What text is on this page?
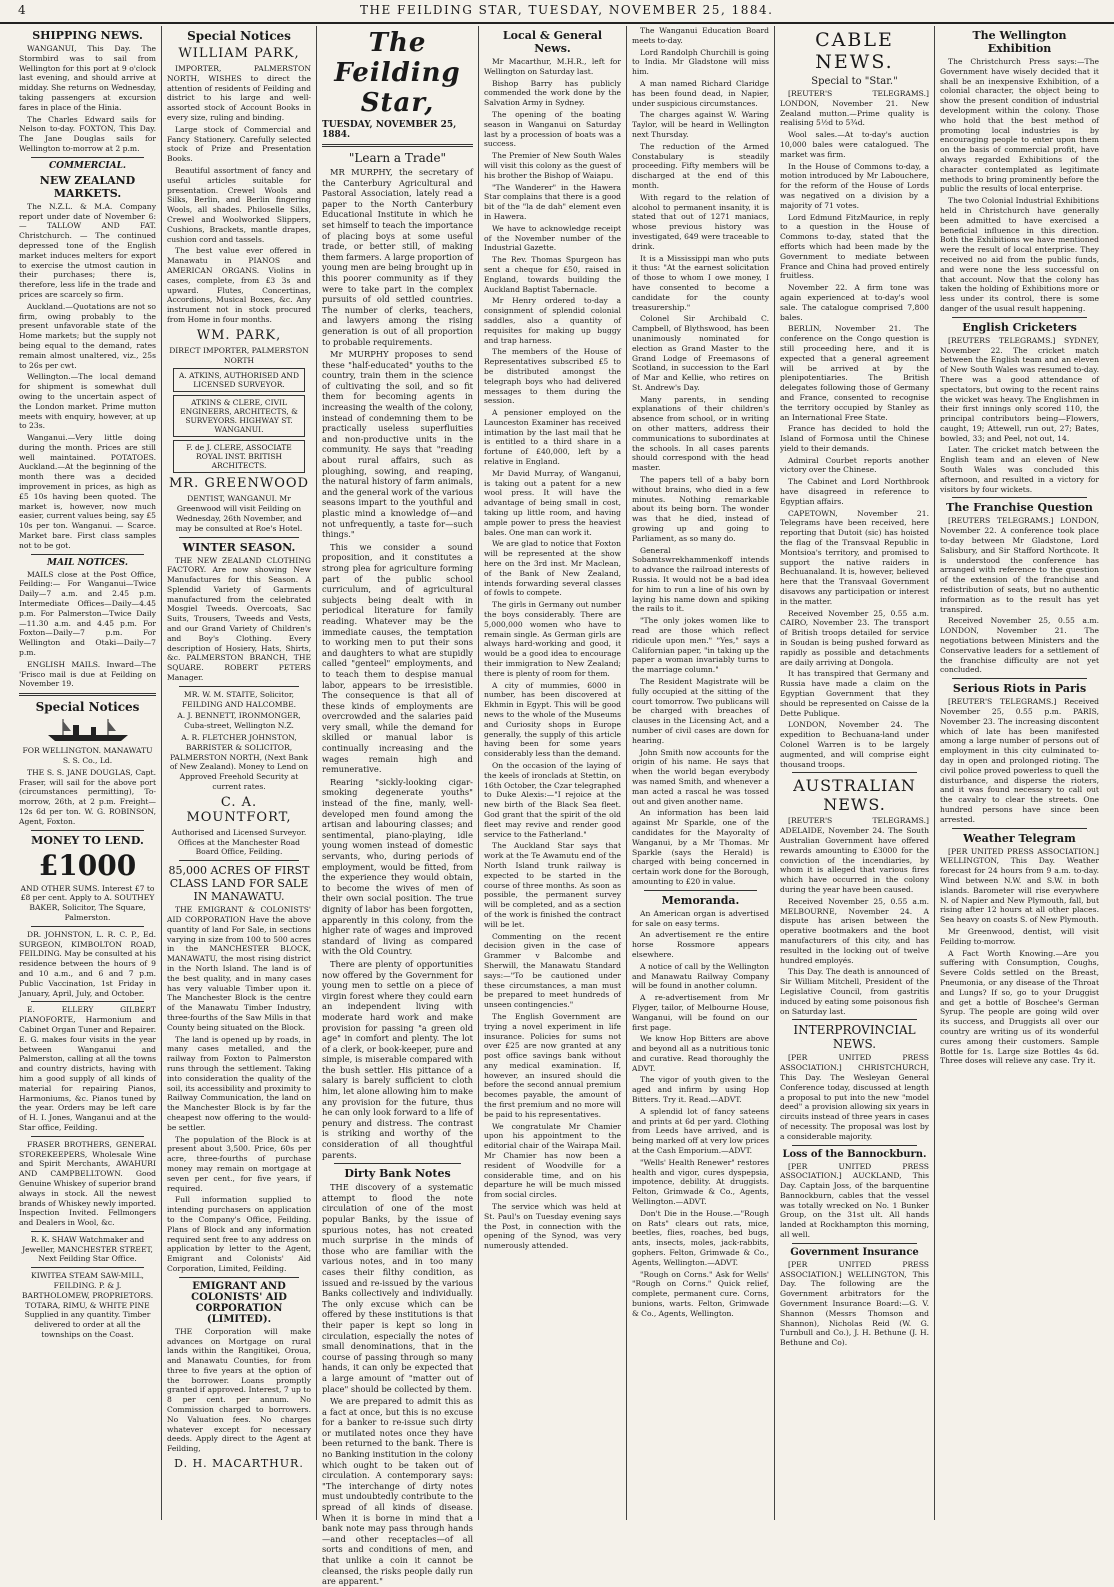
4	THE FEILDING STAR, TUESDAY, NOVEMBER 25, 1884.
SHIPPING NEWS.

WANGANUI, This Day. The Stormbird was to sail from Wellington for this port at 9 o'clock last evening, and should arrive at midday. She returns on Wednesday, taking passengers at excursion fares in place of the Hinia.

The Charles Edward sails for Nelson to-day. FOXTON, This Day. The Jane Douglas sails for Wellington to-morrow at 2 p.m.

COMMERCIAL.
NEW ZEALAND MARKETS.

The N.Z.L. & M.A. Company report under date of November 6:— TALLOW AND FAT. Christchurch. — The continued depressed tone of the English market induces melters for export to exercise the utmost caution in their purchases; there is, therefore, less life in the trade and prices are scarcely so firm.

Auckland.—Quotations are not so firm, owing probably to the present unfavorable state of the Home markets; but the supply not being equal to the demand, rates remain almost unaltered, viz., 25s to 26s per cwt.

Wellington.—The local demand for shipment is somewhat dull owing to the uncertain aspect of the London market. Prime mutton meets with enquiry, however, at up to 23s.

Wanganui.—Very little doing during the month. Prices are still well maintained. POTATOES. Auckland.—At the beginning of the month there was a decided improvement in prices, as high as £5 10s having been quoted. The market is, however, now much easier, current values being, say £5 10s per ton. Wanganui. — Scarce. Market bare. First class samples not to be got.

MAIL NOTICES.

MAILS close at the Post Office, Feilding:— For Wanganui—Twice Daily—7 a.m. and 2.45 p.m. Intermediate Offices—Daily—4.45 p.m. For Palmerston—Twice Daily—11.30 a.m. and 4.45 p.m. For Foxton—Daily—7 p.m. For Wellington and Otaki—Daily—7 p.m.

ENGLISH MAILS. Inward—The 'Frisco mail is due at Feilding on November 19.

Special Notices

FOR WELLINGTON. MANAWATU S. S. Co., Ld.

THE S. S. JANE DOUGLAS, Capt. Fraser, will sail for the above port (circumstances permitting), To-morrow, 26th, at 2 p.m. Freight—12s 6d per ton. W. G. ROBINSON, Agent, Foxton.

MONEY TO LEND.
£1000

AND OTHER SUMS. Interest £7 to £8 per cent. Apply to A. SOUTHEY BAKER, Solicitor, The Square, Palmerston.

DR. JOHNSTON, L. R. C. P., Ed. SURGEON, KIMBOLTON ROAD, FEILDING. May be consulted at his residence between the hours of 9 and 10 a.m., and 6 and 7 p.m. Public Vaccination, 1st Friday in January, April, July, and October.

E. ELLERY GILBERT PIANOFORTE, Harmonium and Cabinet Organ Tuner and Repairer. E. G. makes four visits in the year between Wanganui and Palmerston, calling at all the towns and country districts, having with him a good supply of all kinds of material for repairing Pianos, Harmoniums, &c. Pianos tuned by the year. Orders may be left care of H. I. Jones, Wanganui and at the Star office, Feilding.

FRASER BROTHERS, GENERAL STOREKEEPERS, Wholesale Wine and Spirit Merchants, AWAHURI AND CAMPBELLTOWN. Good Genuine Whiskey of superior brand always in stock. All the newest brands of Whiskey newly imported. Inspection Invited. Fellmongers and Dealers in Wool, &c.

R. K. SHAW Watchmaker and Jeweller, MANCHESTER STREET, Next Feilding Star Office.

KIWITEA STEAM SAW-MILL, FEILDING. P. & J. BARTHOLOMEW, PROPRIETORS. TOTARA, RIMU, & WHITE PINE Supplied in any quantity. Timber delivered to order at all the townships on the Coast.

Special Notices
WILLIAM PARK,

IMPORTER, PALMERSTON NORTH, WISHES to direct the attention of residents of Feilding and district to his large and well-assorted stock of Account Books in every size, ruling and binding.

Large stock of Commercial and Fancy Stationery. Carefully selected stock of Prize and Presentation Books.

Beautiful assortment of fancy and useful articles suitable for presentation. Crewel Wools and Silks, Berlin, and Berlin fingering Wools, all shades. Philoselle Silks, Crewel and Woolworked Slippers, Cushions, Brackets, mantle drapes, cushion cord and tassels.

The best value ever offered in Manawatu in PIANOS and AMERICAN ORGANS. Violins in cases, complete, from £3 3s and upward. Flutes, Concertinas, Accordions, Musical Boxes, &c. Any instrument not in stock procured from Home in four months.

WM. PARK,

DIRECT IMPORTER, PALMERSTON NORTH

A. ATKINS, AUTHORISED AND LICENSED SURVEYOR.
ATKINS & CLERE, CIVIL ENGINEERS, ARCHITECTS, & SURVEYORS. HIGHWAY ST. WANGANUI.
F. de J. CLERE, ASSOCIATE ROYAL INST. BRITISH ARCHITECTS.
MR. GREENWOOD

DENTIST, WANGANUI. Mr Greenwood will visit Feilding on Wednesday, 26th November, and may be consulted at Roe's Hotel.

WINTER SEASON.

THE NEW ZEALAND CLOTHING FACTORY. Are now showing New Manufactures for this Season. A Splendid Variety of Garments manufactured from the celebrated Mosgiel Tweeds. Overcoats, Sac Suits, Trousers, Tweeds and Vests, and our Grand Variety of Children's and Boy's Clothing. Every description of Hosiery, Hats, Shirts, &c. PALMERSTON BRANCH, THE SQUARE. ROBERT PETERS Manager.

MR. W. M. STAITE, Solicitor, FEILDING AND HALCOMBE.

A. J. BENNETT, IRONMONGER, Cuba-street, Wellington N.Z.

A. R. FLETCHER JOHNSTON, BARRISTER & SOLICITOR, PALMERSTON NORTH, (Next Bank of New Zealand). Money to Lend on Approved Freehold Security at current rates.

C. A. MOUNTFORT,

Authorised and Licensed Surveyor. Offices at the Manchester Road Board Office, Feilding.

85,000 ACRES OF FIRST CLASS LAND FOR SALE IN MANAWATU.

THE EMIGRANT & COLONISTS' AID CORPORATION Have the above quantity of land For Sale, in sections varying in size from 100 to 500 acres in the MANCHESTER BLOCK, MANAWATU, the most rising district in the North Island. The land is of the best quality, and in many cases has very valuable Timber upon it. The Manchester Block is the centre of the Manawatu Timber Industry, three-fourths of the Saw Mills in that County being situated on the Block.

The land is opened up by roads, in many cases metalled, and the railway from Foxton to Palmerston runs through the settlement. Taking into consideration the quality of the soil, its accessibility and proximity to Railway Communication, the land on the Manchester Block is by far the cheapest now offering to the would-be settler.

The population of the Block is at present about 3,500. Price, 60s per acre, three-fourths of purchase money may remain on mortgage at seven per cent., for five years, if required.

Full information supplied to intending purchasers on application to the Company's Office, Feilding. Plans of Block and any information required sent free to any address on application by letter to the Agent, Emigrant and Colonists' Aid Corporation, Limited, Feilding.

EMIGRANT AND COLONISTS' AID CORPORATION (LIMITED).

THE Corporation will make advances on Mortgage on rural lands within the Rangitikei, Oroua, and Manawatu Counties, for from three to five years at the option of the borrower. Loans promptly granted if approved. Interest, 7 up to 8 per cent. per annum. No Commission charged to borrowers. No Valuation fees. No charges whatever except for necessary deeds. Apply direct to the Agent at Feilding,

D. H. MACARTHUR.
The Feilding Star,
TUESDAY, NOVEMBER 25, 1884.
"Learn a Trade"

MR MURPHY, the secretary of the Canterbury Agricultural and Pastoral Association, lately read a paper to the North Canterbury Educational Institute in which he set himself to teach the importance of placing boys at some useful trade, or better still, of making them farmers. A large proportion of young men are being brought up in this poorer community as if they were to take part in the complex pursuits of old settled countries. The number of clerks, teachers, and lawyers among the rising generation is out of all proportion to probable requirements.

Mr MURPHY proposes to send these "half-educated" youths to the country, train them in the science of cultivating the soil, and so fit them for becoming agents in increasing the wealth of the colony, instead of condemning them to be practically useless superfluities and non-productive units in the community. He says that "reading about rural affairs, such as ploughing, sowing, and reaping, the natural history of farm animals, and the general work of the various seasons impart to the youthful and plastic mind a knowledge of—and not unfrequently, a taste for—such things."

This we consider a sound proposition, and it constitutes a strong plea for agriculture forming part of the public school curriculum, and of agricultural subjects being dealt with in periodical literature for family reading. Whatever may be the immediate causes, the temptation to working men to put their sons and daughters to what are stupidly called "genteel" employments, and to teach them to despise manual labor, appears to be irresistible. The consequence is that all of these kinds of employments are overcrowded and the salaries paid very small, while the demand for skilled or manual labor is continually increasing and the wages remain high and remunerative.

Rearing "sickly-looking cigar-smoking degenerate youths" instead of the fine, manly, well-developed men found among the artisan and labouring classes; and sentimental, piano-playing, idle young women instead of domestic servants, who, during periods of employment, would be fitted, from the experience they would obtain, to become the wives of men of their own social position. The true dignity of labor has been forgotten, apparently in this colony, from the higher rate of wages and improved standard of living as compared with the Old Country.

There are plenty of opportunities now offered by the Government for young men to settle on a piece of virgin forest where they could earn an independent living with moderate hard work and make provision for passing "a green old age" in comfort and plenty. The lot of a clerk, or book-keeper, pure and simple, is miserable compared with the bush settler. His pittance of a salary is barely sufficient to cloth him, let alone allowing him to make any provision for the future, thus he can only look forward to a life of penury and distress. The contrast is striking and worthy of the consideration of all thoughtful parents.

Dirty Bank Notes

THE discovery of a systematic attempt to flood the note circulation of one of the most popular Banks, by the issue of spurious notes, has not created much surprise in the minds of those who are familiar with the various notes, and in too many cases their filthy condition, as issued and re-issued by the various Banks collectively and individually. The only excuse which can be offered by these institutions is that their paper is kept so long in circulation, especially the notes of small denominations, that in the course of passing through so many hands, it can only be expected that a large amount of "matter out of place" should be collected by them.

We are prepared to admit this as a fact at once, but this is no excuse for a banker to re-issue such dirty or mutilated notes once they have been returned to the bank. There is no Banking institution in the colony which ought to be taken out of circulation. A contemporary says: "The interchange of dirty notes must undoubtedly contribute to the spread of all kinds of disease. When it is borne in mind that a bank note may pass through hands—and other receptacles—of all sorts and conditions of men, and that unlike a coin it cannot be cleansed, the risks people daily run are apparent."

Local & General News.

Mr Macarthur, M.H.R., left for Wellington on Saturday last.

Bishop Barry has publicly commended the work done by the Salvation Army in Sydney.

The opening of the boating season in Wanganui on Saturday last by a procession of boats was a success.

The Premier of New South Wales will visit this colony as the guest of his brother the Bishop of Waiapu.

"The Wanderer" in the Hawera Star complains that there is a good bit of the "la de dah" element even in Hawera.

We have to acknowledge receipt of the November number of the Industrial Gazette.

The Rev. Thomas Spurgeon has sent a cheque for £50, raised in England, towards building the Auckland Baptist Tabernacle.

Mr Henry ordered to-day a consignment of splendid colonial saddles, also a quantity of requisites for making up buggy and trap harness.

The members of the House of Representatives subscribed £5 to be distributed amongst the telegraph boys who had delivered messages to them during the session.

A pensioner employed on the Launceston Examiner has received intimation by the last mail that he is entitled to a third share in a fortune of £40,000, left by a relative in England.

Mr David Murray, of Wanganui, is taking out a patent for a new wool press. It will have the advantage of being small in cost, taking up little room, and having ample power to press the heaviest bales. One man can work it.

We are glad to notice that Foxton will be represented at the show here on the 3rd inst. Mr Maclean, of the Bank of New Zealand, intends forwarding several classes of fowls to compete.

The girls in Germany out number the boys considerably. There are 5,000,000 women who have to remain single. As German girls are always hard-working and good, it would be a good idea to encourage their immigration to New Zealand; there is plenty of room for them.

A city of mummies, 6000 in number, has been discovered at Ekhmin in Egypt. This will be good news to the whole of the Museums and Curiosity shops in Europe generally, the supply of this article having been for some years considerably less than the demand.

On the occasion of the laying of the keels of ironclads at Stettin, on 16th October, the Czar telegraphed to Duke Alexis:—"I rejoice at the new birth of the Black Sea fleet. God grant that the spirit of the old fleet may revive and render good service to the Fatherland."

The Auckland Star says that work at the Te Awamutu end of the North Island trunk railway is expected to be started in the course of three months. As soon as possible, the permanent survey will be completed, and as a section of the work is finished the contract will be let.

Commenting on the recent decision given in the case of Grammer v Balcombe and Sherwill, the Manawatu Standard says:—"To be cautioned under these circumstances, a man must be prepared to meet hundreds of unseen contingencies."

The English Government are trying a novel experiment in life insurance. Policies for sums not over £25 are now granted at any post office savings bank without any medical examination. If, however, an insured should die before the second annual premium becomes payable, the amount of the first premium and no more will be paid to his representatives.

We congratulate Mr Chamier upon his appointment to the editorial chair of the Wairapa Mail. Mr Chamier has now been a resident of Woodville for a considerable time, and on his departure he will be much missed from social circles.

The service which was held at St. Paul's on Tuesday evening says the Post, in connection with the opening of the Synod, was very numerously attended.

The Wanganui Education Board meets to-day.

Lord Randolph Churchill is going to India. Mr Gladstone will miss him.

A man named Richard Claridge has been found dead, in Napier, under suspicious circumstances.

The charges against W. Waring Taylor, will be heard in Wellington next Thursday.

The reduction of the Armed Constabulary is steadily proceeding. Fifty members will be discharged at the end of this month.

With regard to the relation of alcohol to permanent insanity, it is stated that out of 1271 maniacs, whose previous history was investigated, 649 were traceable to drink.

It is a Mississippi man who puts it thus: "At the earnest solicitation of those to whom I owe money, I have consented to become a candidate for the county treasurership."

Colonel Sir Archibald C. Campbell, of Blythswood, has been unanimously nominated for election as Grand Master to the Grand Lodge of Freemasons of Scotland, in succession to the Earl of Mar and Kellie, who retires on St. Andrew's Day.

Many parents, in sending explanations of their children's absence from school, or in writing on other matters, address their communications to subordinates at the schools. In all cases parents should correspond with the head master.

The papers tell of a baby born without brains, who died in a few minutes. Nothing remarkable about its being born. The wonder was that he died, instead of growing up and going to Parliament, as so many do.

General Sobamtswrekhammenkoff intends to advance the railroad interests of Russia. It would not be a bad idea for him to run a line of his own by laying his name down and spiking the rails to it.

"The only jokes women like to read are those which reflect ridicule upon men." "Yes," says a Californian paper, "in taking up the paper a woman invariably turns to the marriage column."

The Resident Magistrate will be fully occupied at the sitting of the court tomorrow. Two publicans will be charged with breaches of clauses in the Licensing Act, and a number of civil cases are down for hearing.

John Smith now accounts for the origin of his name. He says that when the world began everybody was named Smith, and whenever a man acted a rascal he was tossed out and given another name.

An information has been laid against Mr Sparkle, one of the candidates for the Mayoralty of Wanganui, by a Mr Thomas. Mr Sparkle (says the Herald) is charged with being concerned in certain work done for the Borough, amounting to £20 in value.

Memoranda.

An American organ is advertised for sale on easy terms.

An advertisement re the entire horse Rossmore appears elsewhere.

A notice of call by the Wellington and Manawatu Railway Company will be found in another column.

A re-advertisement from Mr Flyger, tailor, of Melbourne House, Wanganui, will be found on our first page.

We know Hop Bitters are above and beyond all as a nutritious tonic and curative. Read thoroughly the ADVT.

The vigor of youth given to the aged and infirm by using Hop Bitters. Try it. Read.—ADVT.

A splendid lot of fancy sateens and prints at 6d per yard. Clothing from Leeds have arrived, and is being marked off at very low prices at the Cash Emporium.—ADVT.

"Wells' Health Renewer" restores health and vigor, cures dyspepsia, impotence, debility. At druggists. Felton, Grimwade & Co., Agents, Wellington.—ADVT.

Don't Die in the House.—"Rough on Rats" clears out rats, mice, beetles, flies, roaches, bed bugs, ants, insects, moles, jack-rabbits, gophers. Felton, Grimwade & Co., Agents, Wellington.—ADVT.

"Rough on Corns." Ask for Wells' "Rough on Corns." Quick relief, complete, permanent cure. Corns, bunions, warts. Felton, Grimwade & Co., Agents, Wellington.

CABLE NEWS.
Special to "Star."

[REUTER'S TELEGRAMS.] LONDON, November 21. New Zealand mutton.—Prime quality is realising 5½d to 5¾d.

Wool sales.—At to-day's auction 10,000 bales were catalogued. The market was firm.

In the House of Commons to-day, a motion introduced by Mr Labouchere, for the reform of the House of Lords was negatived on a division by a majority of 71 votes.

Lord Edmund FitzMaurice, in reply to a question in the House of Commons to-day, stated that the efforts which had been made by the Government to mediate between France and China had proved entirely fruitless.

November 22. A firm tone was again experienced at to-day's wool sale. The catalogue comprised 7,800 bales.

BERLIN, November 21. The conference on the Congo question is still proceeding here, and it is expected that a general agreement will be arrived at by the plenipotentiaries. The British delegates following those of Germany and France, consented to recognise the territory occupied by Stanley as an International Free State.

France has decided to hold the Island of Formosa until the Chinese yield to their demands.

Admiral Courbet reports another victory over the Chinese.

The Cabinet and Lord Northbrook have disagreed in reference to Egyptian affairs.

CAPETOWN, November 21. Telegrams have been received, here reporting that Dutoit (sic) has hoisted the flag of the Transvaal Republic in Montsioa's territory, and promised to support the native raiders in Bechuanaland. It is, however, believed here that the Transvaal Government disavows any participation or interest in the matter.

Received November 25, 0.55 a.m. CAIRO, November 23. The transport of British troops detailed for service in Soudan is being pushed forward as rapidly as possible and detachments are daily arriving at Dongola.

It has transpired that Germany and Russia have made a claim on the Egyptian Government that they should be represented on Caisse de la Dette Publique.

LONDON, November 24. The expedition to Bechuana-land under Colonel Warren is to be largely augmented, and will comprise eight thousand troops.

AUSTRALIAN NEWS.

[REUTER'S TELEGRAMS.] ADELAIDE, November 24. The South Australian Government have offered rewards amounting to £3000 for the conviction of the incendiaries, by whom it is alleged that various fires which have occurred in the colony during the year have been caused.

Received November 25, 0.55 a.m. MELBOURNE, November 24. A dispute has arisen between the operative bootmakers and the boot manufacturers of this city, and has resulted in the locking out of twelve hundred employés.

This Day. The death is announced of Sir William Mitchell, President of the Legislative Council, from gastritis induced by eating some poisonous fish on Saturday last.

INTERPROVINCIAL NEWS.

[PER UNITED PRESS ASSOCIATION.] CHRISTCHURCH, This Day. The Wesleyan General Conference today, discussed at length a proposal to put into the new "model deed" a provision allowing six years in circuits instead of three years in cases of necessity. The proposal was lost by a considerable majority.

Loss of the Bannockburn.

[PER UNITED PRESS ASSOCIATION.] AUCKLAND, This Day. Captain Joss, of the barquentine Bannockburn, cables that the vessel was totally wrecked on No. 1 Bunker Group, on the 31st ult. All hands landed at Rockhampton this morning, all well.

Government Insurance

[PER UNITED PRESS ASSOCIATION.] WELLINGTON, This Day. The following are the Government arbitrators for the Government Insurance Board:—G. V. Shannon (Messrs Thomson and Shannon), Nicholas Reid (W. G. Turnbull and Co.), J. H. Bethune (J. H. Bethune and Co).

The Wellington Exhibition

The Christchurch Press says:—The Government have wisely decided that it shall be an inexpensive Exhibition, of a colonial character, the object being to show the present condition of industrial development within the colony. Those who hold that the best method of promoting local industries is by encouraging people to enter upon them on the basis of commercial profit, have always regarded Exhibitions of the character contemplated as legitimate methods to bring prominently before the public the results of local enterprise.

The two Colonial Industrial Exhibitions held in Christchurch have generally been admitted to have exercised a beneficial influence in this direction. Both the Exhibitions we have mentioned were the result of local enterprise. They received no aid from the public funds, and were none the less successful on that account. Now that the colony has taken the holding of Exhibitions more or less under its control, there is some danger of the usual result happening.

English Cricketers

[REUTERS TELEGRAMS.] SYDNEY, November 22. The cricket match between the English team and an eleven of New South Wales was resumed to-day. There was a good attendance of spectators, but owing to the recent rains the wicket was heavy. The Englishmen in their first innings only scored 110, the principal contributors being—Flowers, caught, 19; Attewell, run out, 27; Bates, bowled, 33; and Peel, not out, 14.

Later. The cricket match between the English team and an eleven of New South Wales was concluded this afternoon, and resulted in a victory for visitors by four wickets.

The Franchise Question

[REUTERS TELEGRAMS.] LONDON, November 22. A conference took place to-day between Mr Gladstone, Lord Salisbury, and Sir Stafford Northcote. It is understood the conference has arranged with reference to the question of the extension of the franchise and redistribution of seats, but no authentic information as to the result has yet transpired.

Received November 25, 0.55 a.m. LONDON, November 21. The negotiations between Ministers and the Conservative leaders for a settlement of the franchise difficulty are not yet concluded.

Serious Riots in Paris

[REUTER'S TELEGRAMS.] Received November 25, 0.55 p.m. PARIS, November 23. The increasing discontent which of late has been manifested among a large number of persons out of employment in this city culminated to-day in open and prolonged rioting. The civil police proved powerless to quell the disturbance, and disperse the rioters, and it was found necessary to call out the cavalry to clear the streets. One hundred persons have since been arrested.

Weather Telegram

[PER UNITED PRESS ASSOCIATION.] WELLINGTON, This Day. Weather forecast for 24 hours from 9 a.m. to-day. Wind between N.W. and S.W. in both islands. Barometer will rise everywhere N. of Napier and New Plymouth, fall, but rising after 12 hours at all other places. Sea heavy on coasts S. of New Plymouth.

Mr Greenwood, dentist, will visit Feilding to-morrow.

A Fact Worth Knowing.—Are you suffering with Consumption, Coughs, Severe Colds settled on the Breast, Pneumonia, or any disease of the Throat and Lungs? If so, go to your Druggist and get a bottle of Boschee's German Syrup. The people are going wild over its success, and Druggists all over our country are writing us of its wonderful cures among their customers. Sample Bottle for 1s. Large size Bottles 4s 6d. Three doses will relieve any case. Try it.
